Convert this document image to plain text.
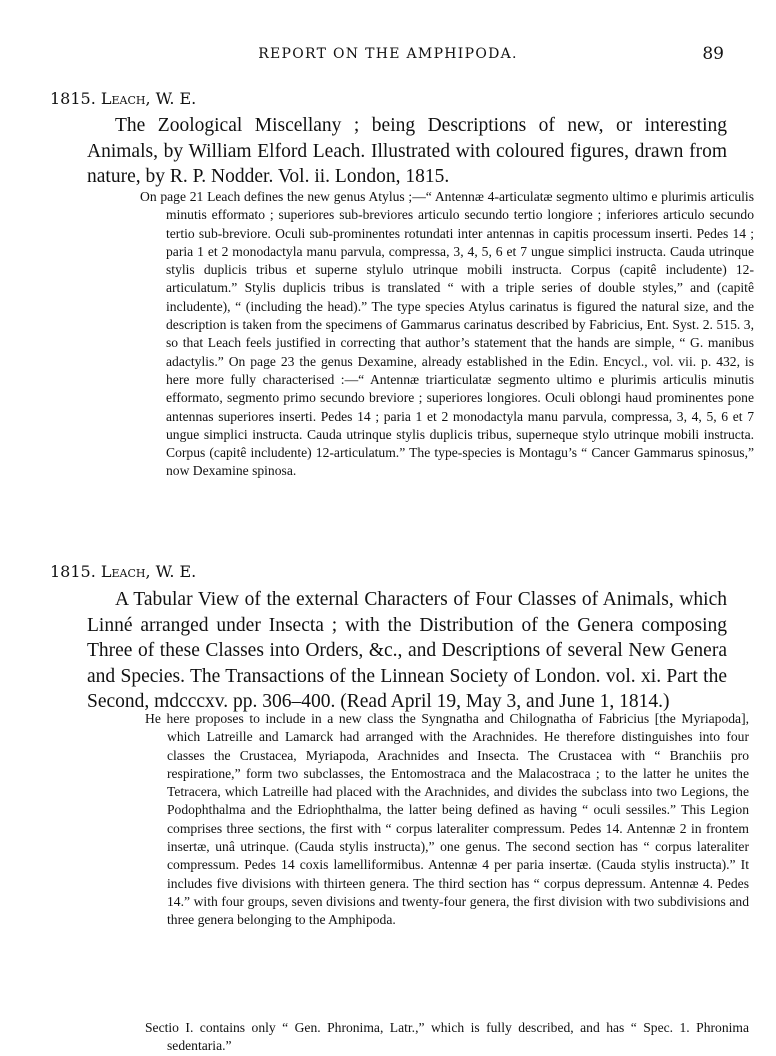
REPORT ON THE AMPHIPODA.	89
1815. Leach, W. E.
The Zoological Miscellany ; being Descriptions of new, or interesting Animals, by William Elford Leach. Illustrated with coloured figures, drawn from nature, by R. P. Nodder. Vol. ii. London, 1815.
On page 21 Leach defines the new genus Atylus ;—“ Antennæ 4-articulatæ segmento ultimo e plurimis articulis minutis efformato ; superiores sub-breviores articulo secundo tertio longiore ; inferiores articulo secundo tertio sub-breviore. Oculi sub-prominentes rotundati inter antennas in capitis processum inserti. Pedes 14 ; paria 1 et 2 monodactyla manu parvula, compressa, 3, 4, 5, 6 et 7 ungue simplici instructa. Cauda utrinque stylis duplicis tribus et superne stylulo utrinque mobili instructa. Corpus (capitê includente) 12-articulatum.” Stylis duplicis tribus is translated “ with a triple series of double styles,” and (capitê includente), “ (including the head).” The type species Atylus carinatus is figured the natural size, and the description is taken from the specimens of Gammarus carinatus described by Fabricius, Ent. Syst. 2. 515. 3, so that Leach feels justified in correcting that author’s statement that the hands are simple, “ G. manibus adactylis.” On page 23 the genus Dexamine, already established in the Edin. Encycl., vol. vii. p. 432, is here more fully characterised :—“ Antennæ triarticulatæ segmento ultimo e plurimis articulis minutis efformato, segmento primo secundo breviore ; superiores longiores. Oculi oblongi haud prominentes pone antennas superiores inserti. Pedes 14 ; paria 1 et 2 monodactyla manu parvula, compressa, 3, 4, 5, 6 et 7 ungue simplici instructa. Cauda utrinque stylis duplicis tribus, superneque stylo utrinque mobili instructa. Corpus (capitê includente) 12-articulatum.” The type-species is Montagu’s “ Cancer Gammarus spinosus,” now Dexamine spinosa.
1815. Leach, W. E.
A Tabular View of the external Characters of Four Classes of Animals, which Linné arranged under Insecta ; with the Distribution of the Genera composing Three of these Classes into Orders, &c., and Descriptions of several New Genera and Species. The Transactions of the Linnean Society of London. vol. xi. Part the Second, mdcccxv. pp. 306–400. (Read April 19, May 3, and June 1, 1814.)
He here proposes to include in a new class the Syngnatha and Chilognatha of Fabricius [the Myriapoda], which Latreille and Lamarck had arranged with the Arachnides. He therefore distinguishes into four classes the Crustacea, Myriapoda, Arachnides and Insecta. The Crustacea with “ Branchiis pro respiratione,” form two subclasses, the Entomostraca and the Malacostraca ; to the latter he unites the Tetracera, which Latreille had placed with the Arachnides, and divides the subclass into two Legions, the Podophthalma and the Edriophthalma, the latter being defined as having “ oculi sessiles.” This Legion comprises three sections, the first with “ corpus lateraliter compressum. Pedes 14. Antennæ 2 in frontem insertæ, unâ utrinque. (Cauda stylis instructa),” one genus. The second section has “ corpus lateraliter compressum. Pedes 14 coxis lamelliformibus. Antennæ 4 per paria insertæ. (Cauda stylis instructa).” It includes five divisions with thirteen genera. The third section has “ corpus depressum. Antennæ 4. Pedes 14.” with four groups, seven divisions and twenty-four genera, the first division with two subdivisions and three genera belonging to the Amphipoda.
Sectio I. contains only “ Gen. Phronima, Latr.,” which is fully described, and has “ Spec. 1. Phronima sedentaria.”
